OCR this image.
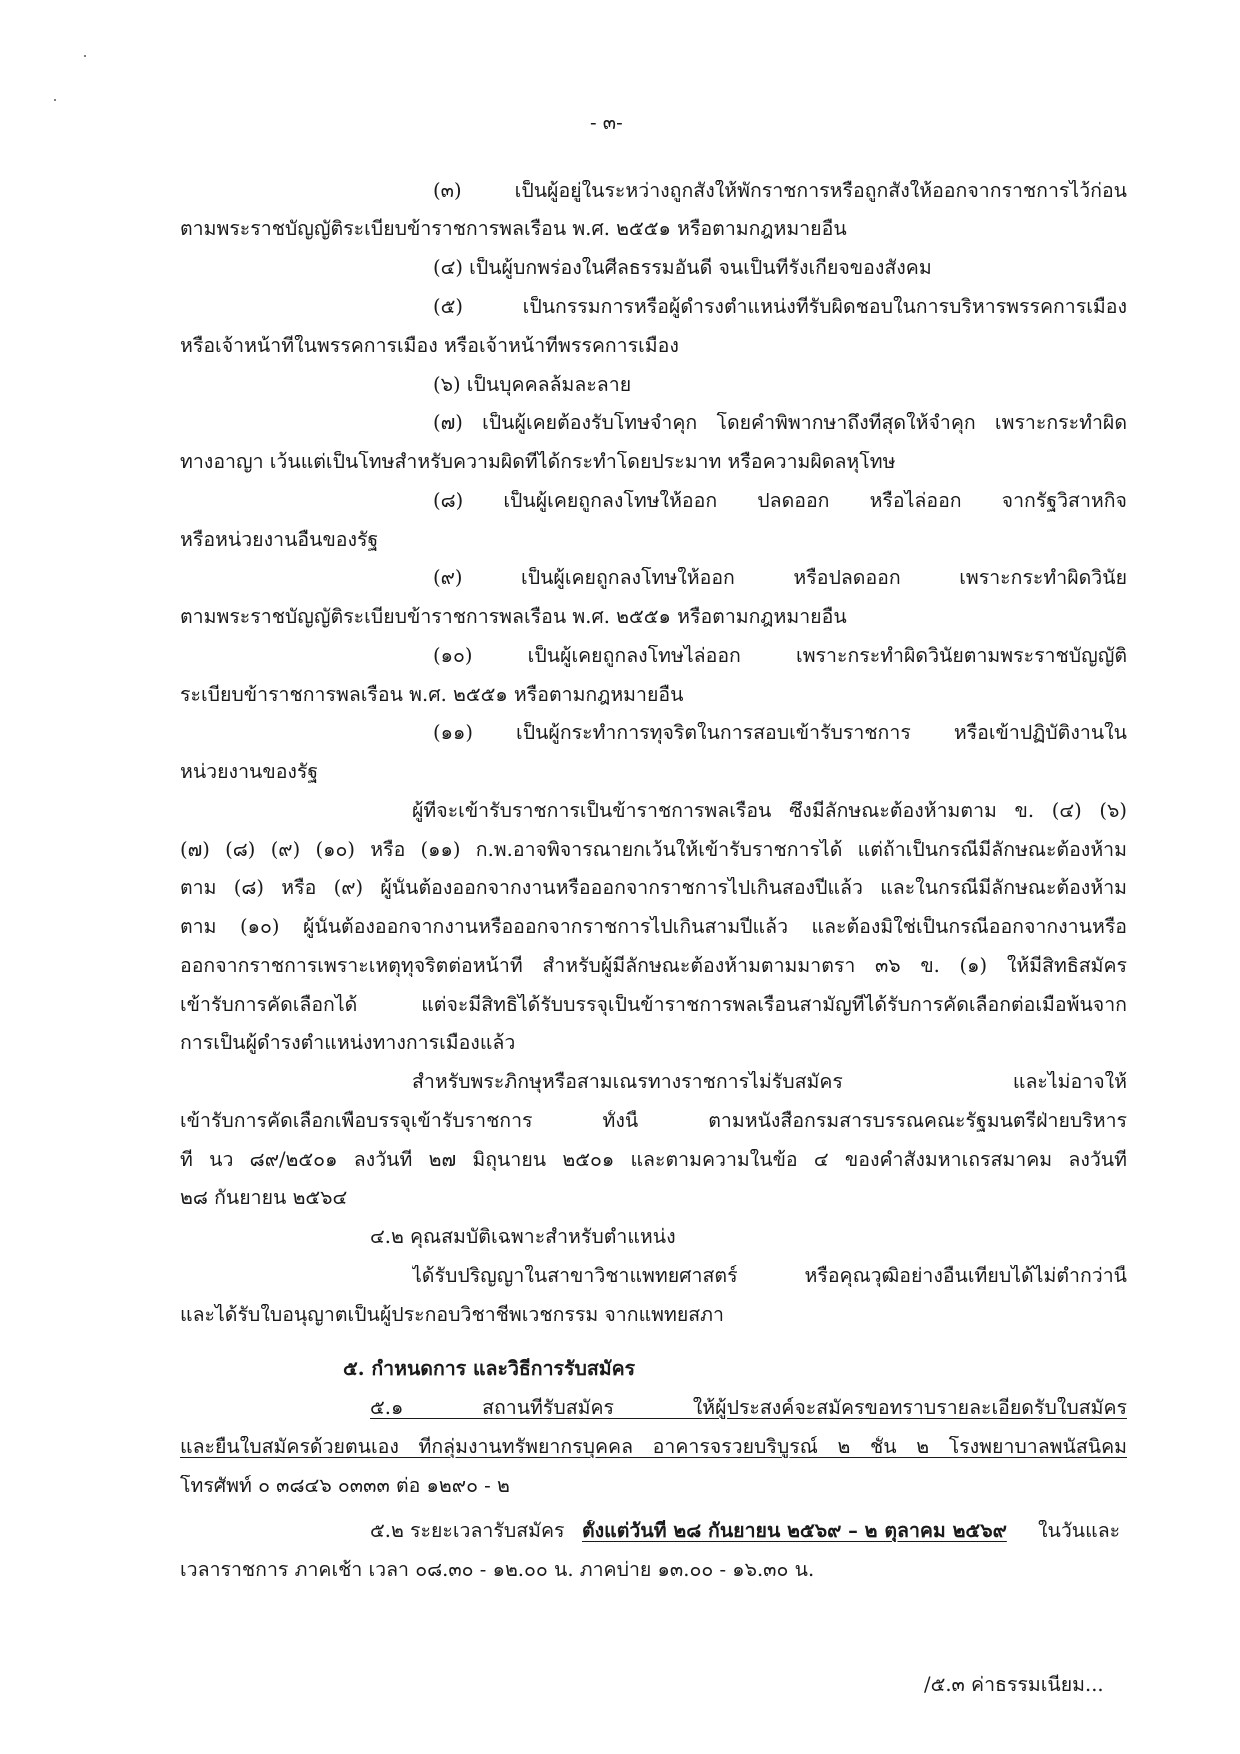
- ๓-
(๓) เป็นผู้อยู่ในระหว่างถูกสั่งให้พักราชการหรือถูกสั่งให้ออกจากราชการไว้ก่อน
ตามพระราชบัญญัติระเบียบข้าราชการพลเรือน พ.ศ. ๒๕๕๑ หรือตามกฎหมายอื่น
(๔) เป็นผู้บกพร่องในศีลธรรมอันดี จนเป็นที่รังเกียจของสังคม
(๕) เป็นกรรมการหรือผู้ดำรงตำแหน่งที่รับผิดชอบในการบริหารพรรคการเมือง
หรือเจ้าหน้าที่ในพรรคการเมือง หรือเจ้าหน้าที่พรรคการเมือง
(๖) เป็นบุคคลล้มละลาย
(๗) เป็นผู้เคยต้องรับโทษจำคุก โดยคำพิพากษาถึงที่สุดให้จำคุก เพราะกระทำผิด
ทางอาญา เว้นแต่เป็นโทษสำหรับความผิดที่ได้กระทำโดยประมาท หรือความผิดลหุโทษ
(๘) เป็นผู้เคยถูกลงโทษให้ออก ปลดออก หรือไล่ออก จากรัฐวิสาหกิจ
หรือหน่วยงานอื่นของรัฐ
(๙) เป็นผู้เคยถูกลงโทษให้ออก หรือปลดออก เพราะกระทำผิดวินัย
ตามพระราชบัญญัติระเบียบข้าราชการพลเรือน พ.ศ. ๒๕๕๑ หรือตามกฎหมายอื่น
(๑๐) เป็นผู้เคยถูกลงโทษไล่ออก เพราะกระทำผิดวินัยตามพระราชบัญญัติ
ระเบียบข้าราชการพลเรือน พ.ศ. ๒๕๕๑ หรือตามกฎหมายอื่น
(๑๑) เป็นผู้กระทำการทุจริตในการสอบเข้ารับราชการ หรือเข้าปฏิบัติงานใน
หน่วยงานของรัฐ
ผู้ที่จะเข้ารับราชการเป็นข้าราชการพลเรือน ซึ่งมีลักษณะต้องห้ามตาม ข. (๔) (๖)
(๗) (๘) (๙) (๑๐) หรือ (๑๑) ก.พ.อาจพิจารณายกเว้นให้เข้ารับราชการได้ แต่ถ้าเป็นกรณีมีลักษณะต้องห้าม
ตาม (๘) หรือ (๙) ผู้นั้นต้องออกจากงานหรือออกจากราชการไปเกินสองปีแล้ว และในกรณีมีลักษณะต้องห้าม
ตาม (๑๐) ผู้นั้นต้องออกจากงานหรือออกจากราชการไปเกินสามปีแล้ว และต้องมิใช่เป็นกรณีออกจากงานหรือ
ออกจากราชการเพราะเหตุทุจริตต่อหน้าที่ สำหรับผู้มีลักษณะต้องห้ามตามมาตรา ๓๖ ข. (๑) ให้มีสิทธิสมัคร
เข้ารับการคัดเลือกได้ แต่จะมีสิทธิได้รับบรรจุเป็นข้าราชการพลเรือนสามัญที่ได้รับการคัดเลือกต่อเมื่อพ้นจาก
การเป็นผู้ดำรงตำแหน่งทางการเมืองแล้ว
สำหรับพระภิกษุหรือสามเณรทางราชการไม่รับสมัคร และไม่อาจให้
เข้ารับการคัดเลือกเพื่อบรรจุเข้ารับราชการ ทั้งนี้ ตามหนังสือกรมสารบรรณคณะรัฐมนตรีฝ่ายบริหาร
ที่ นว ๘๙/๒๕๐๑ ลงวันที่ ๒๗ มิถุนายน ๒๕๐๑ และตามความในข้อ ๔ ของคำสั่งมหาเถรสมาคม ลงวันที่
๒๘ กันยายน ๒๕๖๔
๔.๒ คุณสมบัติเฉพาะสำหรับตำแหน่ง
ได้รับปริญญาในสาขาวิชาแพทยศาสตร์ หรือคุณวุฒิอย่างอื่นเทียบได้ไม่ต่ำกว่านี้
และได้รับใบอนุญาตเป็นผู้ประกอบวิชาชีพเวชกรรม จากแพทยสภา
๕. กำหนดการ และวิธีการรับสมัคร
๕.๑ สถานที่รับสมัคร ให้ผู้ประสงค์จะสมัครขอทราบรายละเอียดรับใบสมัคร
และยื่นใบสมัครด้วยตนเอง ที่กลุ่มงานทรัพยากรบุคคล อาคารจรวยบริบูรณ์ ๒ ชั้น ๒ โรงพยาบาลพนัสนิคม
โทรศัพท์ ๐ ๓๘๔๖ ๐๓๓๓ ต่อ ๑๒๙๐ - ๒
๕.๒ ระยะเวลารับสมัคร ตั้งแต่วันที่ ๒๘ กันยายน ๒๕๖๙ – ๒ ตุลาคม ๒๕๖๙ ในวันและ
เวลาราชการ ภาคเช้า เวลา ๐๘.๓๐ - ๑๒.๐๐ น. ภาคบ่าย ๑๓.๐๐ - ๑๖.๓๐ น.
/๕.๓ ค่าธรรมเนียม...
